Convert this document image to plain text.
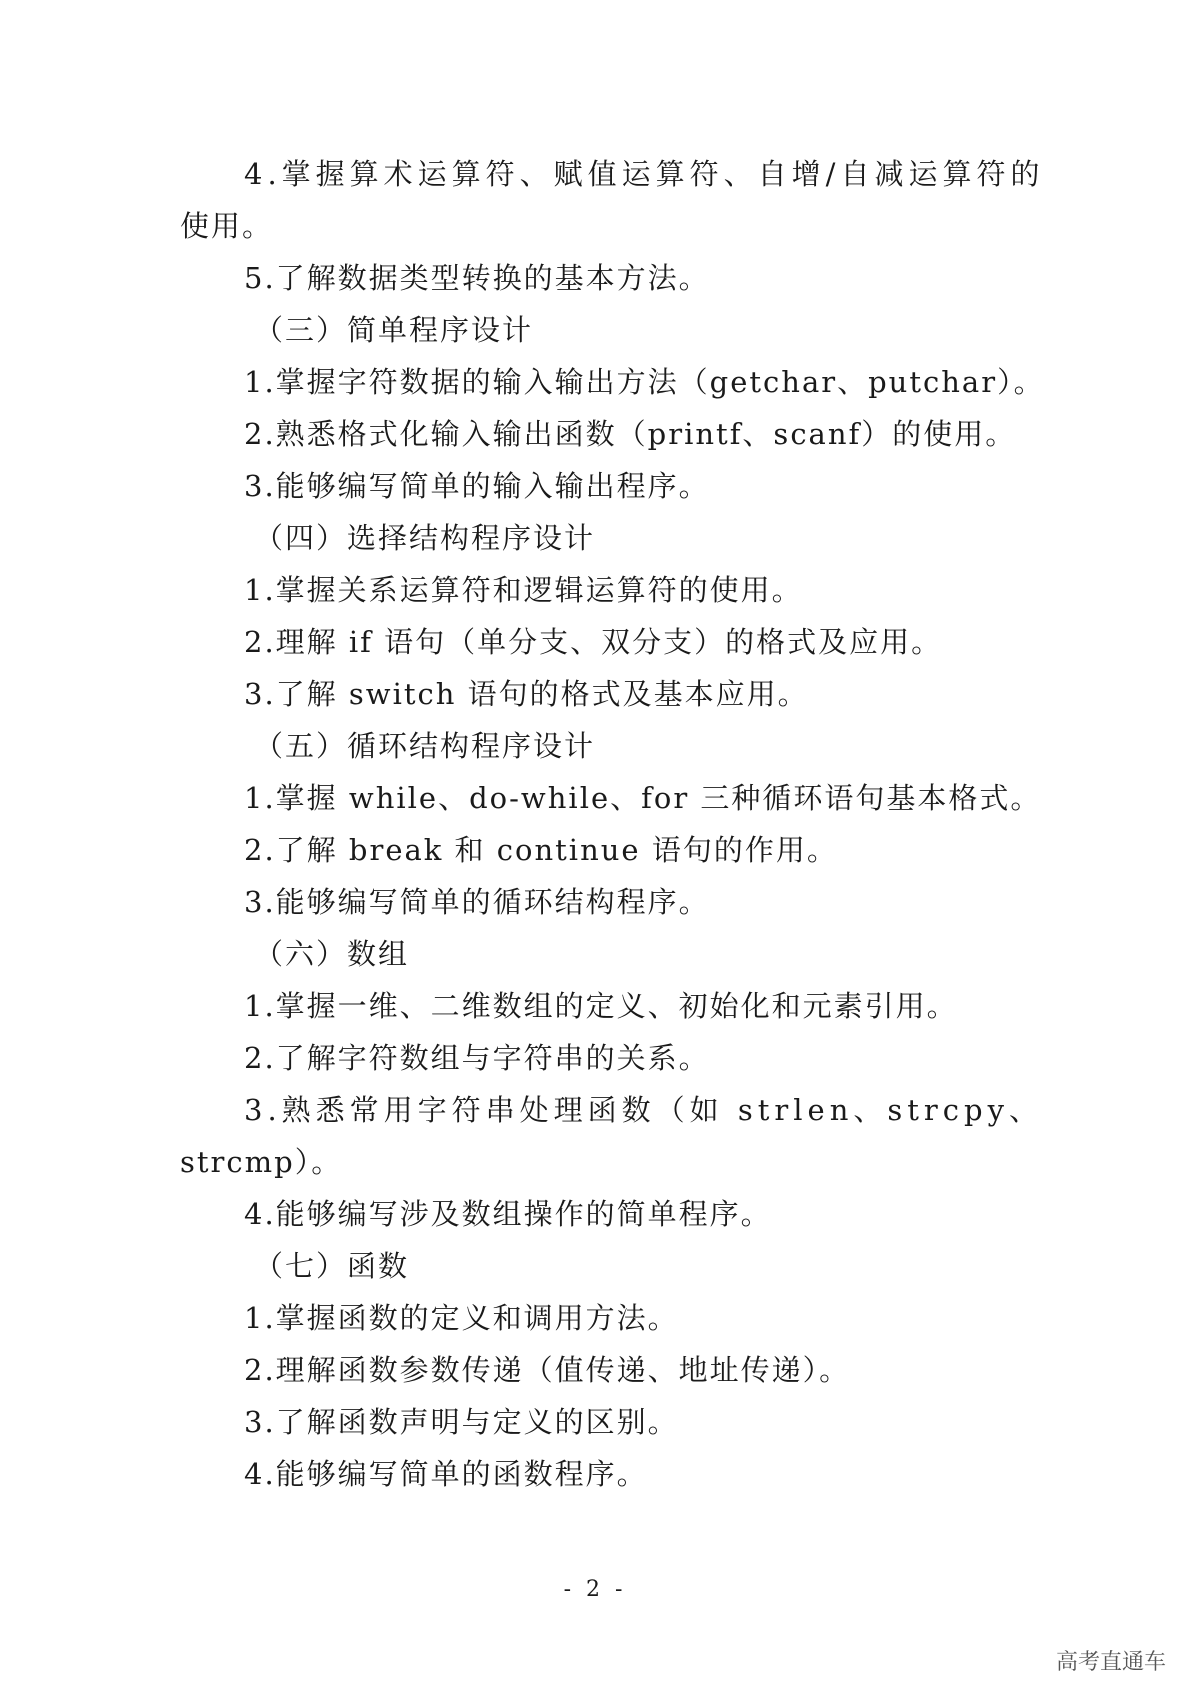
4.掌握算术运算符、赋值运算符、自增/自减运算符的
使用。
5.了解数据类型转换的基本方法。
（三）简单程序设计
1.掌握字符数据的输入输出方法（getchar、putchar）。
2.熟悉格式化输入输出函数（printf、scanf）的使用。
3.能够编写简单的输入输出程序。
（四）选择结构程序设计
1.掌握关系运算符和逻辑运算符的使用。
2.理解 if 语句（单分支、双分支）的格式及应用。
3.了解 switch 语句的格式及基本应用。
（五）循环结构程序设计
1.掌握 while、do-while、for 三种循环语句基本格式。
2.了解 break 和 continue 语句的作用。
3.能够编写简单的循环结构程序。
（六）数组
1.掌握一维、二维数组的定义、初始化和元素引用。
2.了解字符数组与字符串的关系。
3.熟悉常用字符串处理函数（如 strlen、strcpy、
strcmp）。
4.能够编写涉及数组操作的简单程序。
（七）函数
1.掌握函数的定义和调用方法。
2.理解函数参数传递（值传递、地址传递）。
3.了解函数声明与定义的区别。
4.能够编写简单的函数程序。
- 2 -
高考直通车
